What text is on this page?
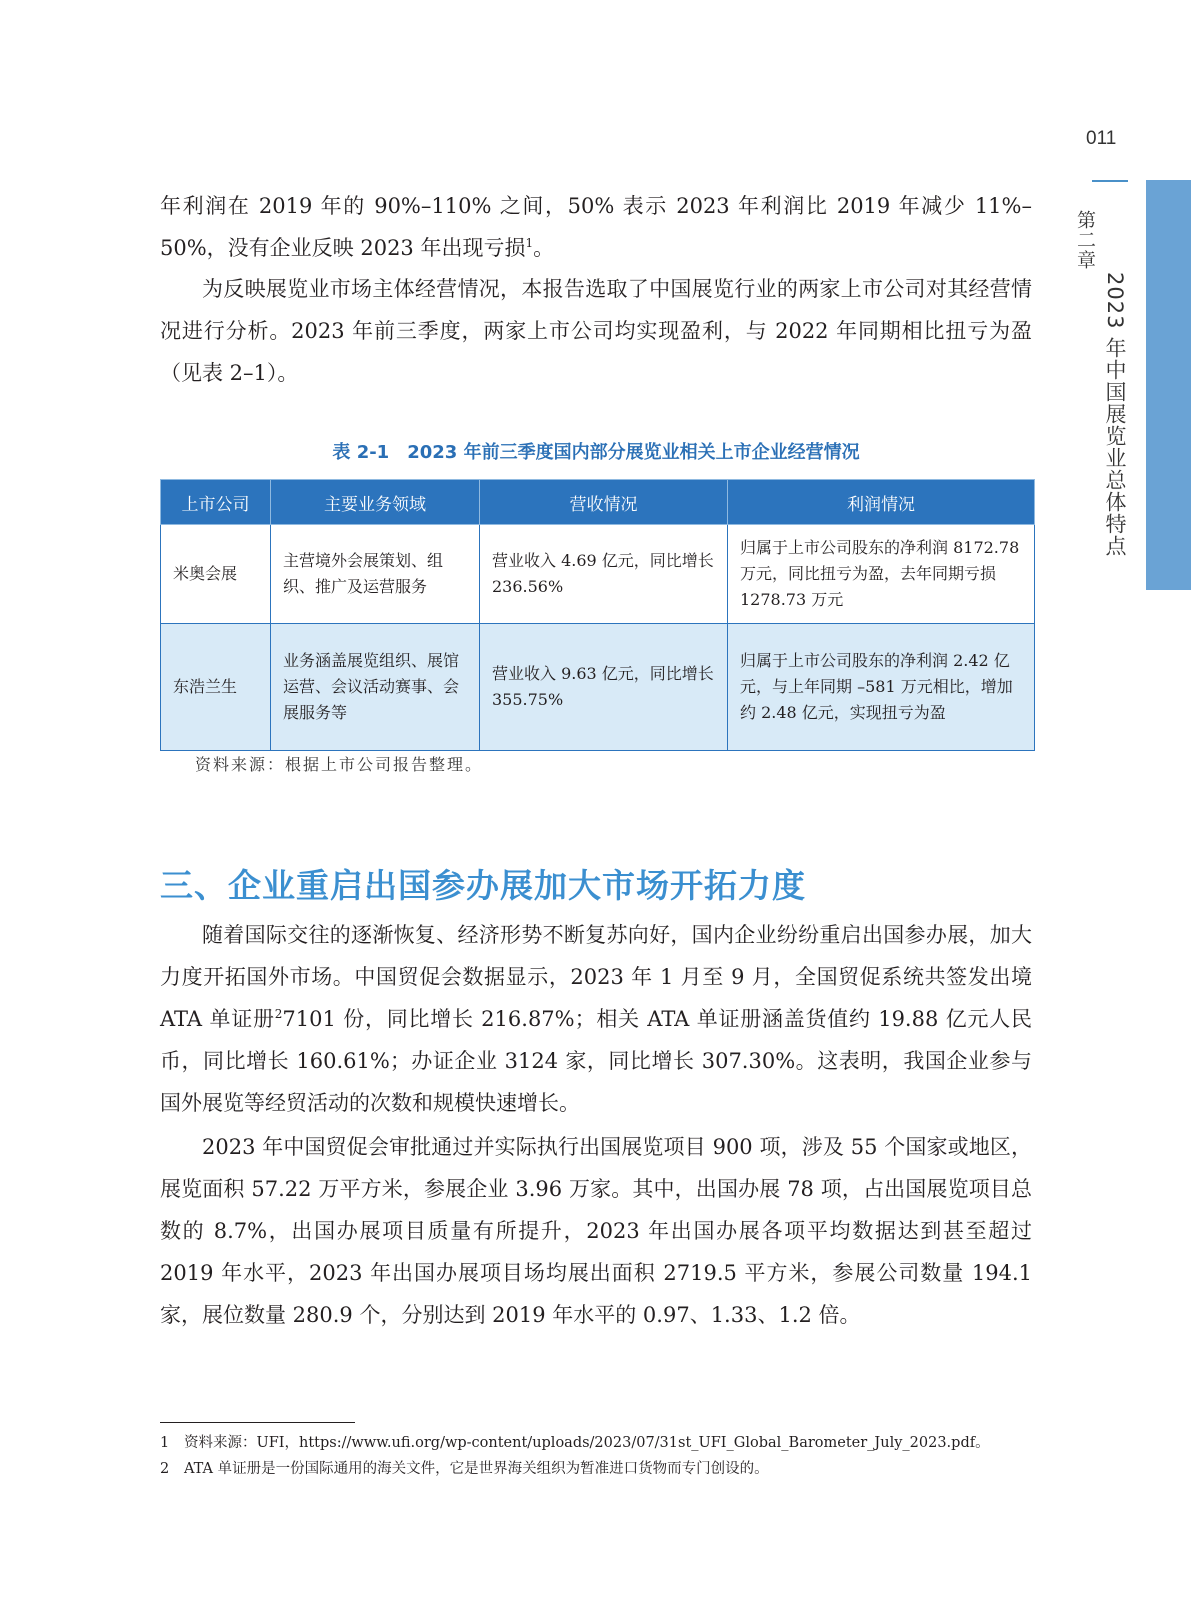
011
第二章
2023 年中国展览业总体特点

年利润在 2019 年的 90%–110% 之间，50% 表示 2023 年利润比 2019 年减少 11%–50%，没有企业反映 2023 年出现亏损$^1$。

为反映展览业市场主体经营情况，本报告选取了中国展览行业的两家上市公司对其经营情况进行分析。2023 年前三季度，两家上市公司均实现盈利，与 2022 年同期相比扭亏为盈（见表 2–1）。

表 2-1　2023 年前三季度国内部分展览业相关上市企业经营情况
上市公司	主要业务领域	营收情况	利润情况
米奥会展	主营境外会展策划、组织、推广及运营服务	营业收入 4.69 亿元，同比增长 236.56%	归属于上市公司股东的净利润 8172.78 万元，同比扭亏为盈，去年同期亏损 1278.73 万元
东浩兰生	业务涵盖展览组织、展馆运营、会议活动赛事、会展服务等	营业收入 9.63 亿元，同比增长 355.75%	归属于上市公司股东的净利润 2.42 亿元，与上年同期 –581 万元相比，增加约 2.48 亿元，实现扭亏为盈
资料来源：根据上市公司报告整理。
三、企业重启出国参办展加大市场开拓力度

随着国际交往的逐渐恢复、经济形势不断复苏向好，国内企业纷纷重启出国参办展，加大力度开拓国外市场。中国贸促会数据显示，2023 年 1 月至 9 月，全国贸促系统共签发出境 ATA 单证册$^2$7101 份，同比增长 216.87%；相关 ATA 单证册涵盖货值约 19.88 亿元人民币，同比增长 160.61%；办证企业 3124 家，同比增长 307.30%。这表明，我国企业参与国外展览等经贸活动的次数和规模快速增长。

2023 年中国贸促会审批通过并实际执行出国展览项目 900 项，涉及 55 个国家或地区，展览面积 57.22 万平方米，参展企业 3.96 万家。其中，出国办展 78 项，占出国展览项目总数的 8.7%，出国办展项目质量有所提升，2023 年出国办展各项平均数据达到甚至超过 2019 年水平，2023 年出国办展项目场均展出面积 2719.5 平方米，参展公司数量 194.1 家，展位数量 280.9 个，分别达到 2019 年水平的 0.97、1.33、1.2 倍。

1 资料来源：UFI，https://www.ufi.org/wp-content/uploads/2023/07/31st_UFI_Global_Barometer_July_2023.pdf。
2 ATA 单证册是一份国际通用的海关文件，它是世界海关组织为暂准进口货物而专门创设的。
